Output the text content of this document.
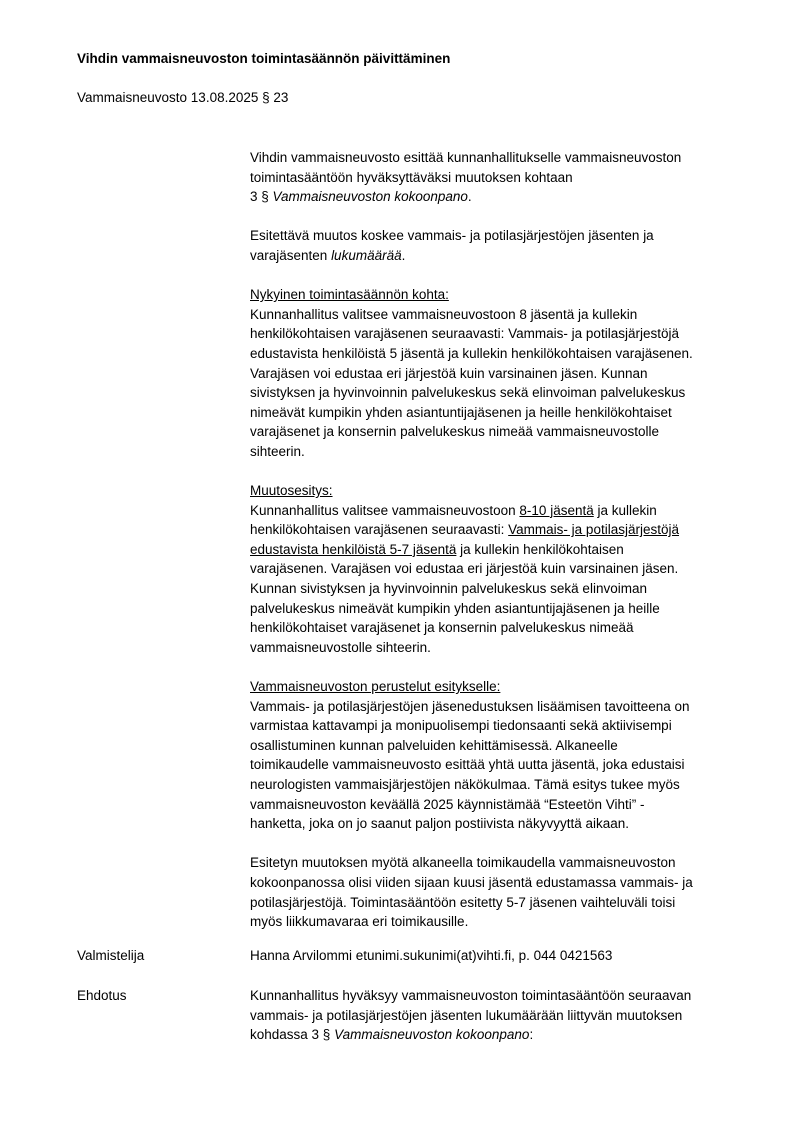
Vihdin vammaisneuvoston toimintasäännön päivittäminen
Vammaisneuvosto 13.08.2025 § 23
Vihdin vammaisneuvosto esittää kunnanhallitukselle vammaisneuvoston
toimintasääntöön hyväksyttäväksi muutoksen kohtaan
3 § Vammaisneuvoston kokoonpano.
Esitettävä muutos koskee vammais- ja potilasjärjestöjen jäsenten ja
varajäsenten lukumäärää.
Nykyinen toimintasäännön kohta:
Kunnanhallitus valitsee vammaisneuvostoon 8 jäsentä ja kullekin
henkilökohtaisen varajäsenen seuraavasti: Vammais- ja potilasjärjestöjä
edustavista henkilöistä 5 jäsentä ja kullekin henkilökohtaisen varajäsenen.
Varajäsen voi edustaa eri järjestöä kuin varsinainen jäsen. Kunnan
sivistyksen ja hyvinvoinnin palvelukeskus sekä elinvoiman palvelukeskus
nimeävät kumpikin yhden asiantuntijajäsenen ja heille henkilökohtaiset
varajäsenet ja konsernin palvelukeskus nimeää vammaisneuvostolle
sihteerin.
Muutosesitys:
Kunnanhallitus valitsee vammaisneuvostoon 8-10 jäsentä ja kullekin
henkilökohtaisen varajäsenen seuraavasti: Vammais- ja potilasjärjestöjä
edustavista henkilöistä 5-7 jäsentä ja kullekin henkilökohtaisen
varajäsenen. Varajäsen voi edustaa eri järjestöä kuin varsinainen jäsen.
Kunnan sivistyksen ja hyvinvoinnin palvelukeskus sekä elinvoiman
palvelukeskus nimeävät kumpikin yhden asiantuntijajäsenen ja heille
henkilökohtaiset varajäsenet ja konsernin palvelukeskus nimeää
vammaisneuvostolle sihteerin.
Vammaisneuvoston perustelut esitykselle:
Vammais- ja potilasjärjestöjen jäsenedustuksen lisäämisen tavoitteena on
varmistaa kattavampi ja monipuolisempi tiedonsaanti sekä aktiivisempi
osallistuminen kunnan palveluiden kehittämisessä. Alkaneelle
toimikaudelle vammaisneuvosto esittää yhtä uutta jäsentä, joka edustaisi
neurologisten vammaisjärjestöjen näkökulmaa. Tämä esitys tukee myös
vammaisneuvoston keväällä 2025 käynnistämää “Esteetön Vihti” -
hanketta, joka on jo saanut paljon postiivista näkyvyyttä aikaan.
Esitetyn muutoksen myötä alkaneella toimikaudella vammaisneuvoston
kokoonpanossa olisi viiden sijaan kuusi jäsentä edustamassa vammais- ja
potilasjärjestöjä. Toimintasääntöön esitetty 5-7 jäsenen vaihteluväli toisi
myös liikkumavaraa eri toimikausille.
Valmistelija	Hanna Arvilommi etunimi.sukunimi(at)vihti.fi, p. 044 0421563
Ehdotus	Kunnanhallitus hyväksyy vammaisneuvoston toimintasääntöön seuraavan
vammais- ja potilasjärjestöjen jäsenten lukumäärään liittyvän muutoksen
kohdassa 3 § Vammaisneuvoston kokoonpano:
